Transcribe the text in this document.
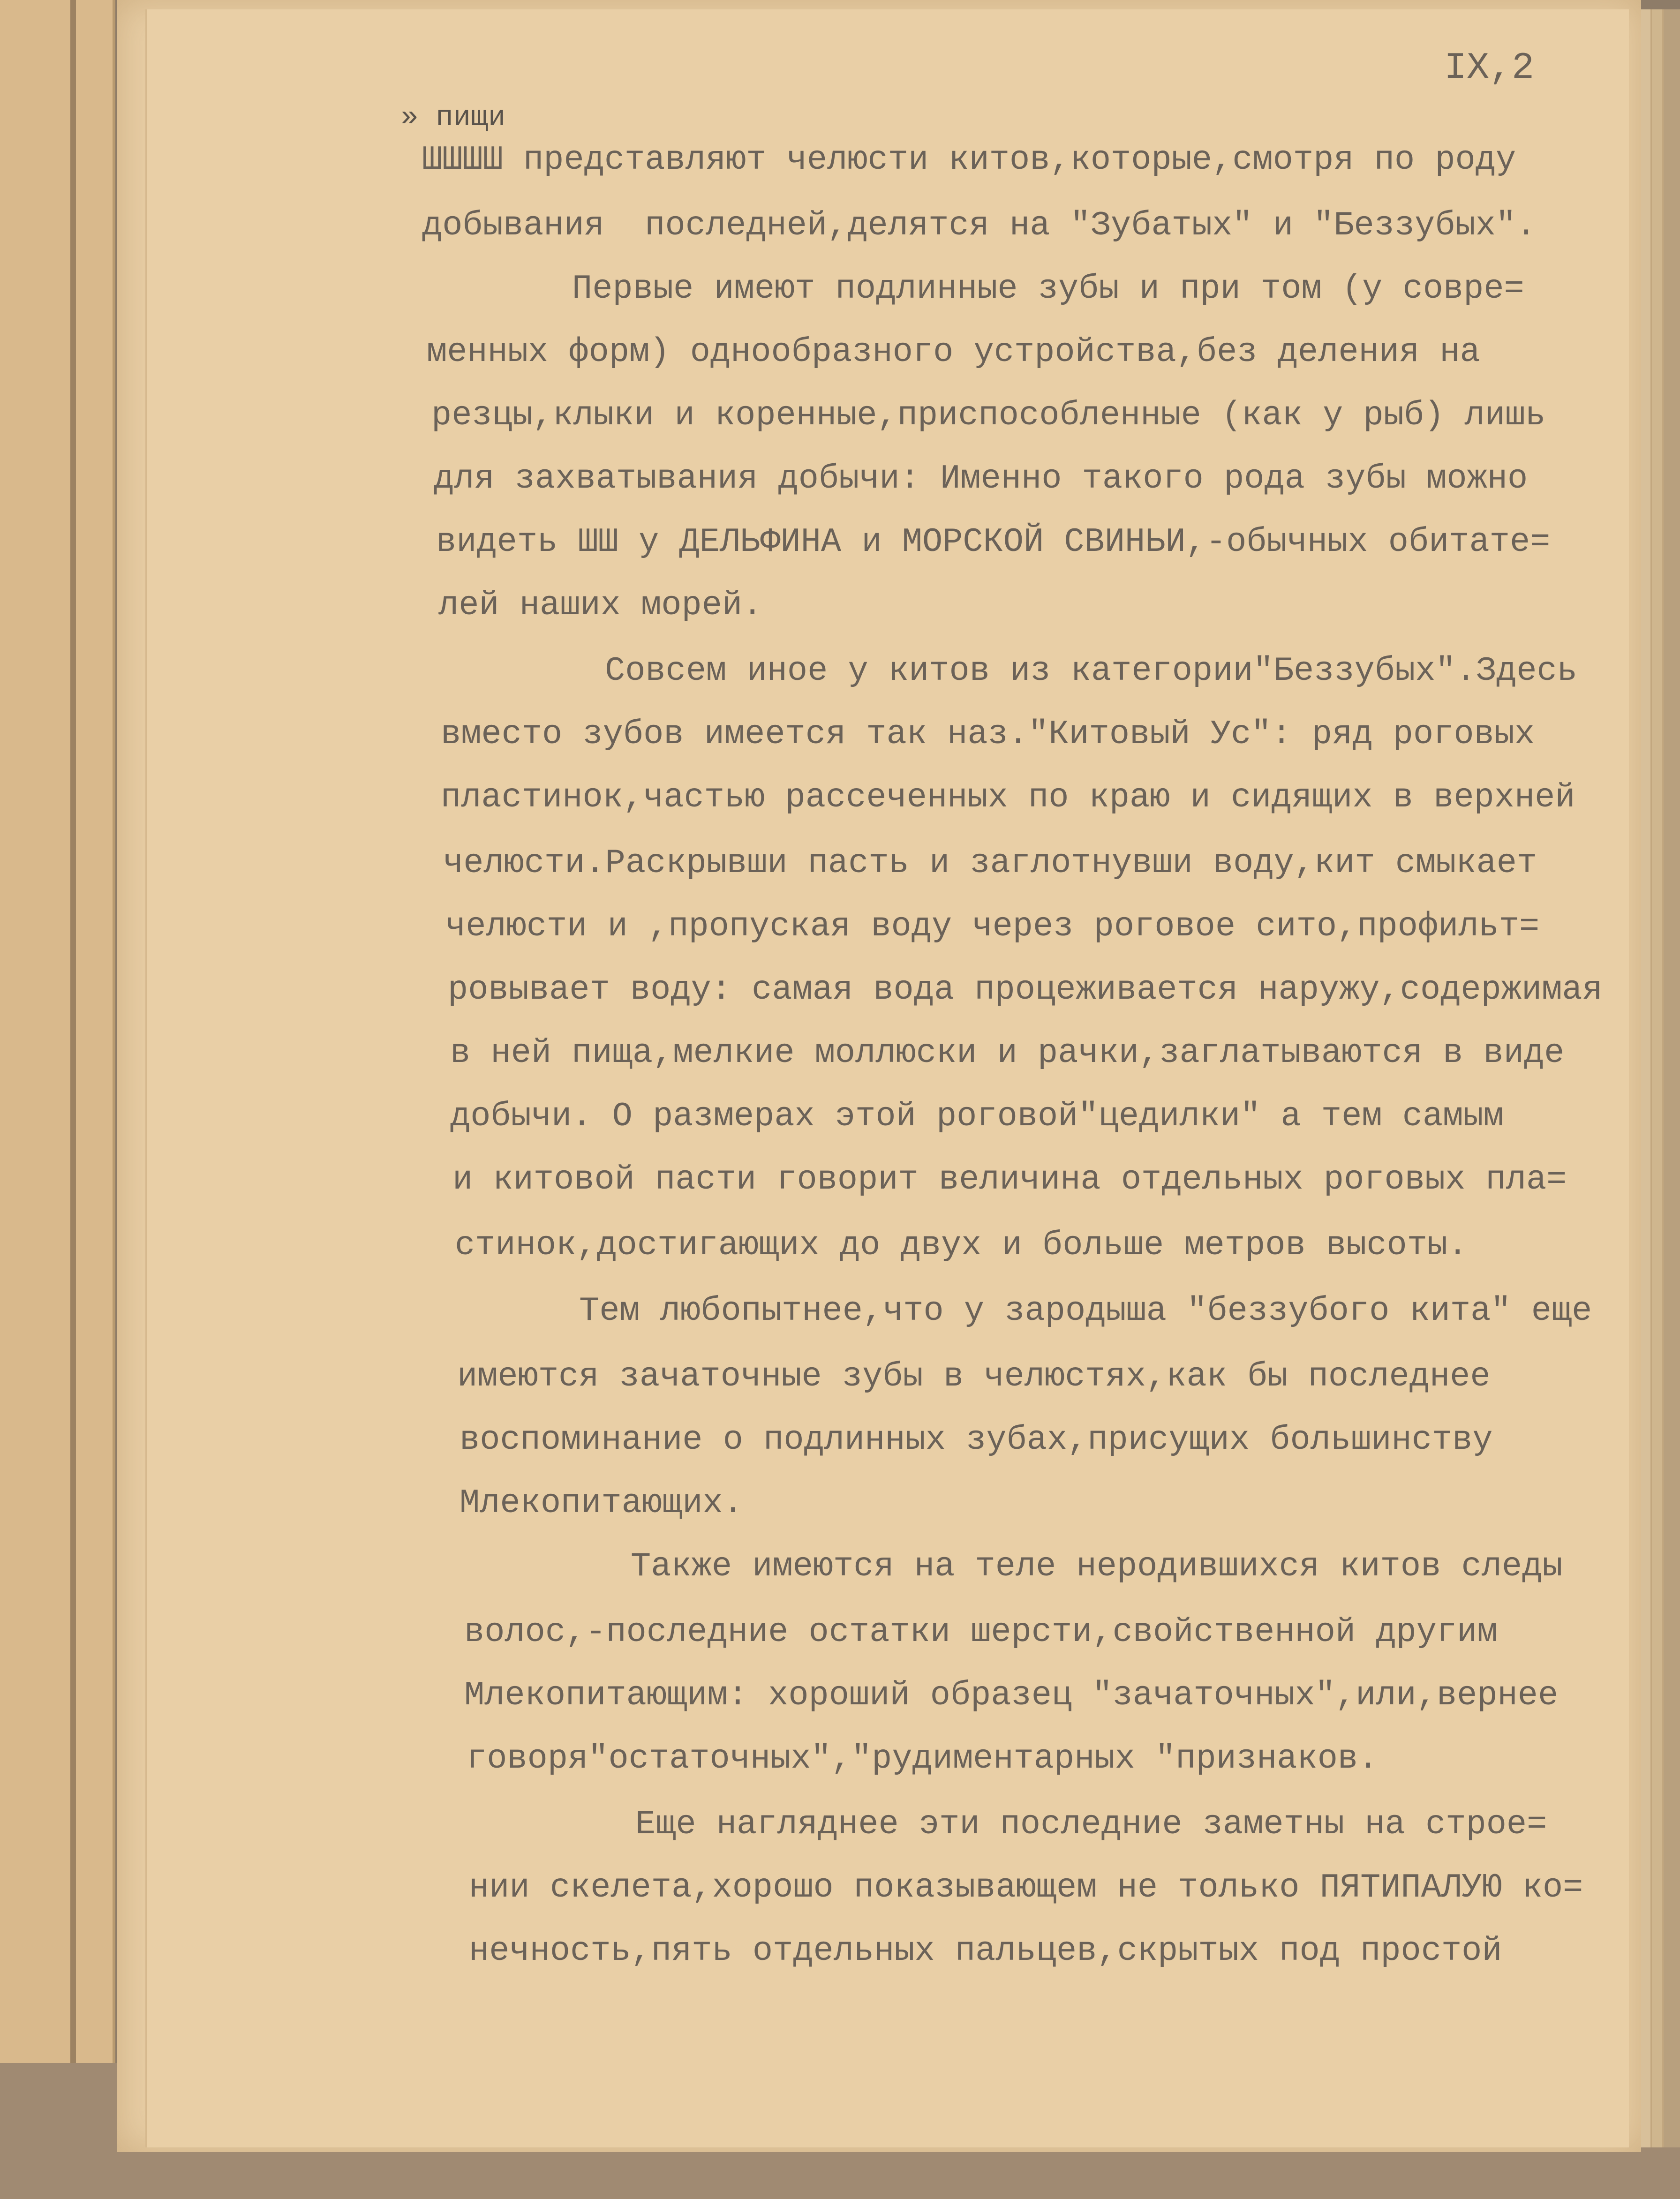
IX,2
» пищи
ШШШШ представляют челюсти китов,которые,смотря по роду
добывания  последней,делятся на "Зубатых" и "Беззубых".
Первые имеют подлинные зубы и при том (у совре=
менных форм) однообразного устройства,без деления на
резцы,клыки и коренные,приспособленные (как у рыб) лишь
для захватывания добычи: Именно такого рода зубы можно
видеть ШШ у ДЕЛЬФИНА и МОРСКОЙ СВИНЬИ,-обычных обитате=
лей наших морей.
Совсем иное у китов из категории"Беззубых".Здесь
вместо зубов имеется так наз."Китовый Ус": ряд роговых
пластинок,частью рассеченных по краю и сидящих в верхней
челюсти.Раскрывши пасть и заглотнувши воду,кит смыкает
челюсти и ,пропуская воду через роговое сито,профильт=
ровывает воду: самая вода процеживается наружу,содержимая
в ней пища,мелкие моллюски и рачки,заглатываются в виде
добычи. О размерах этой роговой"цедилки" а тем самым
и китовой пасти говорит величина отдельных роговых пла=
стинок,достигающих до двух и больше метров высоты.
Тем любопытнее,что у зародыша "беззубого кита" еще
имеются зачаточные зубы в челюстях,как бы последнее
воспоминание о подлинных зубах,присущих большинству
Млекопитающих.
Также имеются на теле неродившихся китов следы
волос,-последние остатки шерсти,свойственной другим
Млекопитающим: хороший образец "зачаточных",или,вернее
говоря"остаточных","рудиментарных "признаков.
Еще нагляднее эти последние заметны на строе=
нии скелета,хорошо показывающем не только ПЯТИПАЛУЮ ко=
нечность,пять отдельных пальцев,скрытых под простой
